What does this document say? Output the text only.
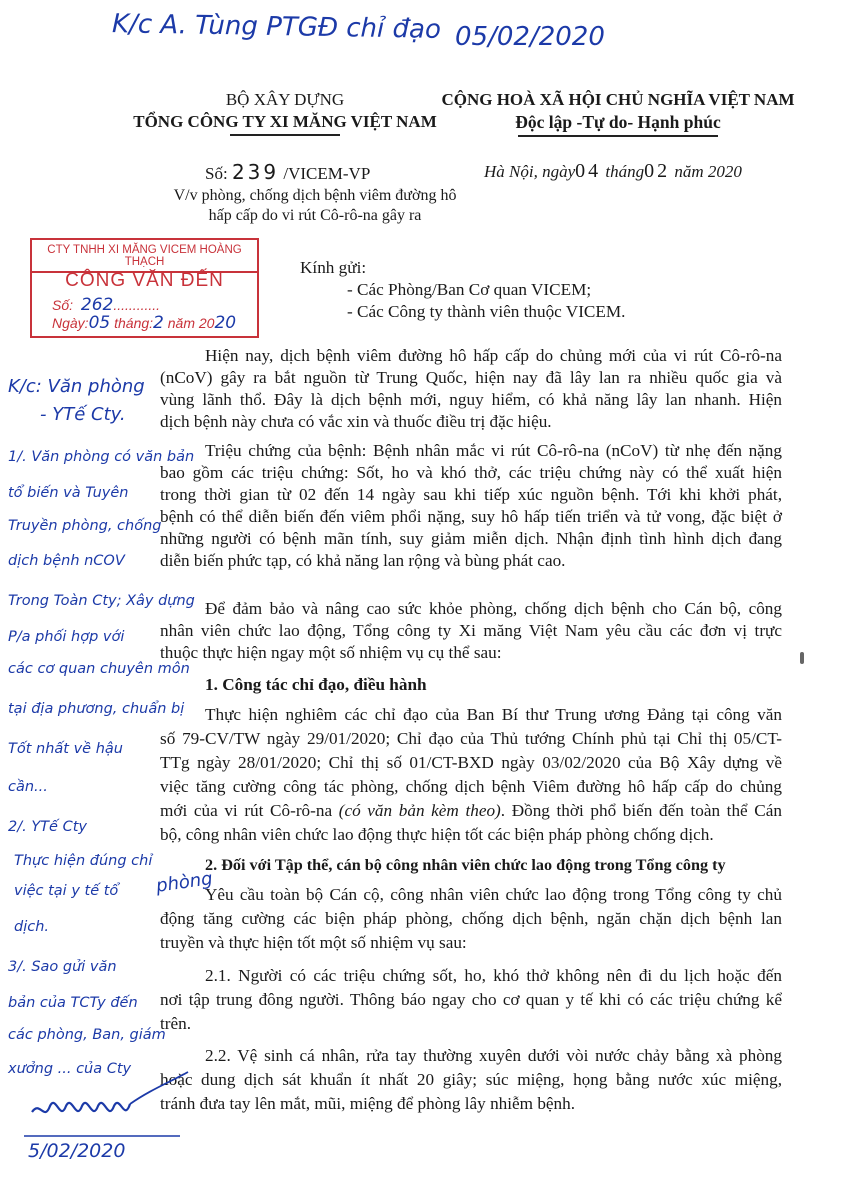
K/c A. Tùng PTGĐ chỉ đạo 05/02/2020
BỘ XÂY DỰNG
TỔNG CÔNG TY XI MĂNG VIỆT NAM
Số: 239 /VICEM-VP
V/v phòng, chống dịch bệnh viêm đường hô
hấp cấp do vi rút Cô-rô-na gây ra
CỘNG HOÀ XÃ HỘI CHỦ NGHĨA VIỆT NAM
Độc lập -Tự do- Hạnh phúc
Hà Nội, ngày04 tháng02 năm 2020
CTY TNHH XI MĂNG VICEM HOÀNG THẠCH
CÔNG VĂN ĐẾN
Số: 262............
Ngày:05 tháng:2 năm 2020
Kính gửi:
- Các Phòng/Ban Cơ quan VICEM;
- Các Công ty thành viên thuộc VICEM.
Hiện nay, dịch bệnh viêm đường hô hấp cấp do chủng mới của vi rút Cô-rô-na
(nCoV) gây ra bắt nguồn từ Trung Quốc, hiện nay đã lây lan ra nhiều quốc gia và
vùng lãnh thổ. Đây là dịch bệnh mới, nguy hiểm, có khả năng lây lan nhanh. Hiện
dịch bệnh này chưa có vắc xin và thuốc điều trị đặc hiệu.
Triệu chứng của bệnh: Bệnh nhân mắc vi rút Cô-rô-na (nCoV) từ nhẹ đến nặng
bao gồm các triệu chứng: Sốt, ho và khó thở, các triệu chứng này có thể xuất hiện
trong thời gian từ 02 đến 14 ngày sau khi tiếp xúc nguồn bệnh. Tới khi khởi phát,
bệnh có thể diễn biến đến viêm phổi nặng, suy hô hấp tiến triển và tử vong, đặc biệt ở
những người có bệnh mãn tính, suy giảm miễn dịch. Nhận định tình hình dịch đang
diễn biến phức tạp, có khả năng lan rộng và bùng phát cao.
Để đảm bảo và nâng cao sức khỏe phòng, chống dịch bệnh cho Cán bộ, công
nhân viên chức lao động, Tổng công ty Xi măng Việt Nam yêu cầu các đơn vị trực
thuộc thực hiện ngay một số nhiệm vụ cụ thể sau:
1. Công tác chỉ đạo, điều hành
Thực hiện nghiêm các chỉ đạo của Ban Bí thư Trung ương Đảng tại công văn
số 79-CV/TW ngày 29/01/2020; Chỉ đạo của Thủ tướng Chính phủ tại Chỉ thị 05/CT-
TTg ngày 28/01/2020; Chỉ thị số 01/CT-BXD ngày 03/02/2020 của Bộ Xây dựng về
việc tăng cường công tác phòng, chống dịch bệnh Viêm đường hô hấp cấp do chủng
mới của vi rút Cô-rô-na (có văn bản kèm theo). Đồng thời phổ biến đến toàn thể Cán
bộ, công nhân viên chức lao động thực hiện tốt các biện pháp phòng chống dịch.
2. Đối với Tập thể, cán bộ công nhân viên chức lao động trong Tổng công ty
Yêu cầu toàn bộ Cán cộ, công nhân viên chức lao động trong Tổng công ty chủ
động tăng cường các biện pháp phòng, chống dịch bệnh, ngăn chặn dịch bệnh lan
truyền và thực hiện tốt một số nhiệm vụ sau:
2.1. Người có các triệu chứng sốt, ho, khó thở không nên đi du lịch hoặc đến
nơi tập trung đông người. Thông báo ngay cho cơ quan y tế khi có các triệu chứng kể
trên.
2.2. Vệ sinh cá nhân, rửa tay thường xuyên dưới vòi nước chảy bằng xà phòng
hoặc dung dịch sát khuẩn ít nhất 20 giây; súc miệng, họng bằng nước xúc miệng,
tránh đưa tay lên mắt, mũi, miệng để phòng lây nhiễm bệnh.
K/c: Văn phòng
- YTế Cty.
1/. Văn phòng có văn bản
tổ biến và Tuyên
Truyền phòng, chống
dịch bệnh nCOV
Trong Toàn Cty; Xây dựng
P/a phối hợp với
các cơ quan chuyên môn
tại địa phương, chuẩn bị
Tốt nhất về hậu
cần...
2/. YTế Cty
Thực hiện đúng chỉ
việc tại y tế tổ
dịch.
3/. Sao gửi văn
bản của TCTy đến
các phòng, Ban, giám
xưởng ... của Cty
phòng
5/02/2020
